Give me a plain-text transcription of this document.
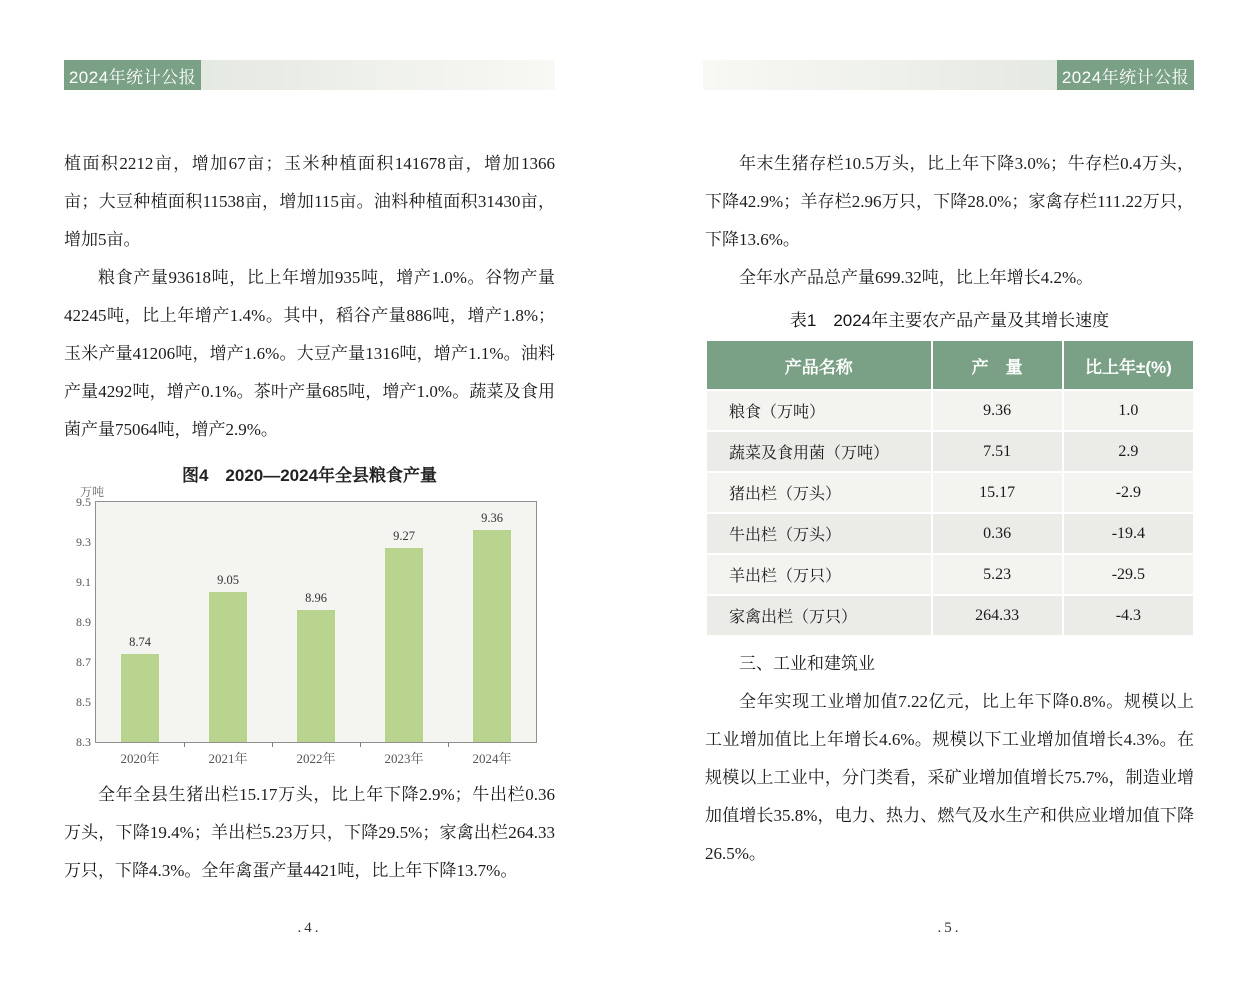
2024年统计公报	2024年统计公报

植面积2212亩，增加67亩；玉米种植面积141678亩，增加1366亩；大豆种植面积11538亩，增加115亩。油料种植面积31430亩，增加5亩。

粮食产量93618吨，比上年增加935吨，增产1.0%。谷物产量42245吨，比上年增产1.4%。其中，稻谷产量886吨，增产1.8%；玉米产量41206吨，增产1.6%。大豆产量1316吨，增产1.1%。油料产量4292吨，增产0.1%。茶叶产量685吨，增产1.0%。蔬菜及食用菌产量75064吨，增产2.9%。

图4　2020—2024年全县粮食产量

万吨
9.5
9.3
9.1
8.9
8.7
8.5
8.3
8.74
2020年
9.05
2021年
8.96
2022年
9.27
2023年
9.36
2024年

全年全县生猪出栏15.17万头，比上年下降2.9%；牛出栏0.36万头，下降19.4%；羊出栏5.23万只，下降29.5%；家禽出栏264.33万只，下降4.3%。全年禽蛋产量4421吨，比上年下降13.7%。

.4.

年末生猪存栏10.5万头，比上年下降3.0%；牛存栏0.4万头，下降42.9%；羊存栏2.96万只，下降28.0%；家禽存栏111.22万只，下降13.6%。

全年水产品总产量699.32吨，比上年增长4.2%。

表1　2024年主要农产品产量及其增长速度
产品名称	产　量	比上年±(%)
粮食（万吨）	9.36	1.0
蔬菜及食用菌（万吨）	7.51	2.9
猪出栏（万头）	15.17	-2.9
牛出栏（万头）	0.36	-19.4
羊出栏（万只）	5.23	-29.5
家禽出栏（万只）	264.33	-4.3

三、工业和建筑业

全年实现工业增加值7.22亿元，比上年下降0.8%。规模以上工业增加值比上年增长4.6%。规模以下工业增加值增长4.3%。在规模以上工业中，分门类看，采矿业增加值增长75.7%，制造业增加值增长35.8%，电力、热力、燃气及水生产和供应业增加值下降26.5%。

.5.
